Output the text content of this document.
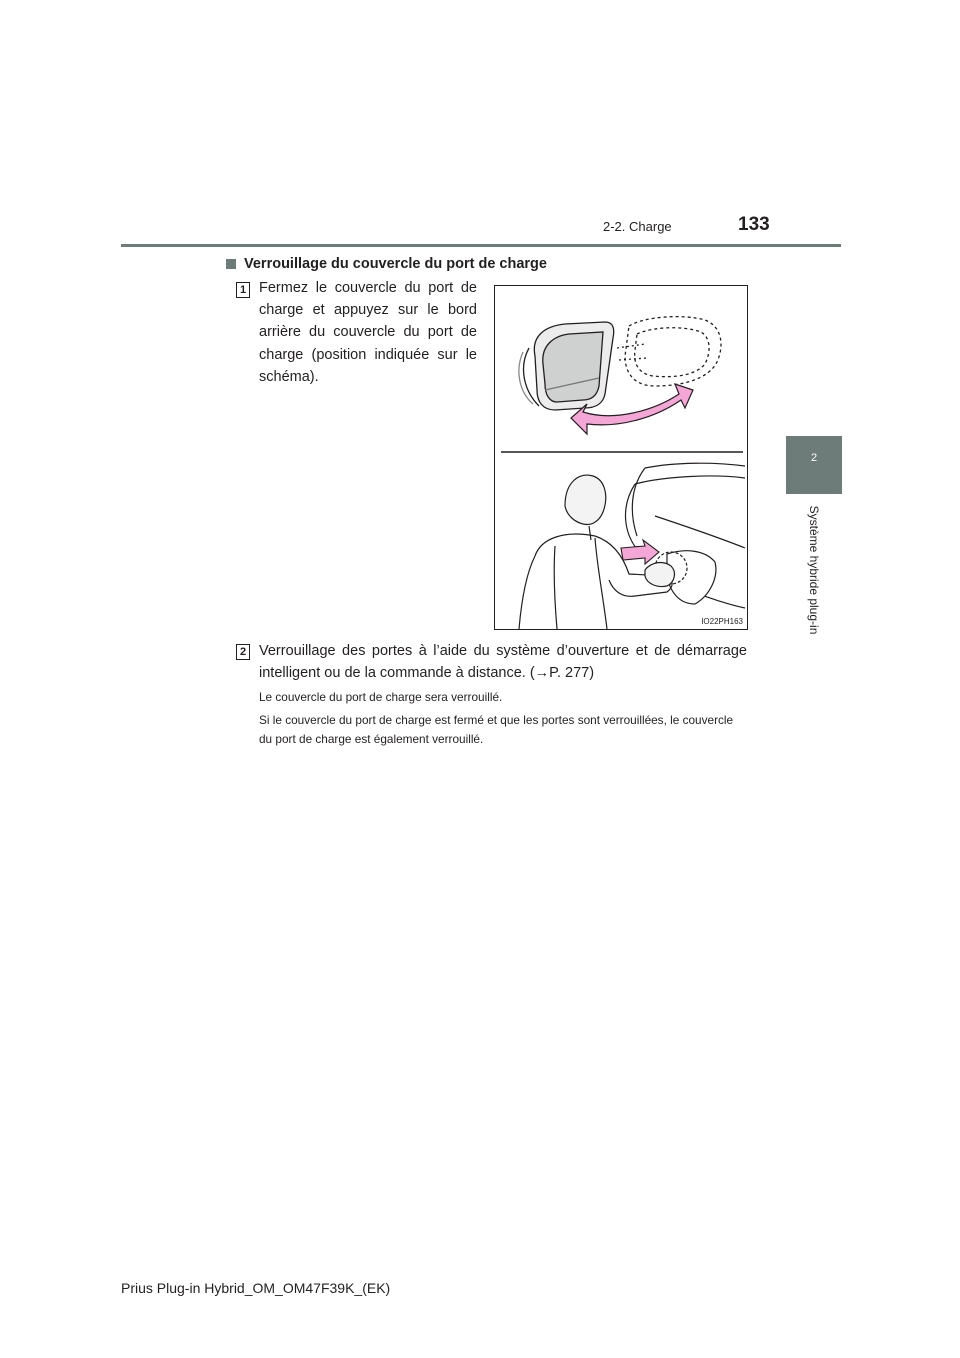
2-2. Charge	133
2
Système hybride plug-in
Verrouillage du couvercle du port de charge
1 Fermez le couvercle du port de charge et appuyez sur le bord arrière du couvercle du port de charge (position indiquée sur le schéma).
IO22PH163
2 Verrouillage des portes à l’aide du système d’ouverture et de démarrage intelligent ou de la commande à distance. (→P. 277)
Le couvercle du port de charge sera verrouillé.
Si le couvercle du port de charge est fermé et que les portes sont verrouillées, le couvercle du port de charge est également verrouillé.
Prius Plug-in Hybrid_OM_OM47F39K_(EK)
